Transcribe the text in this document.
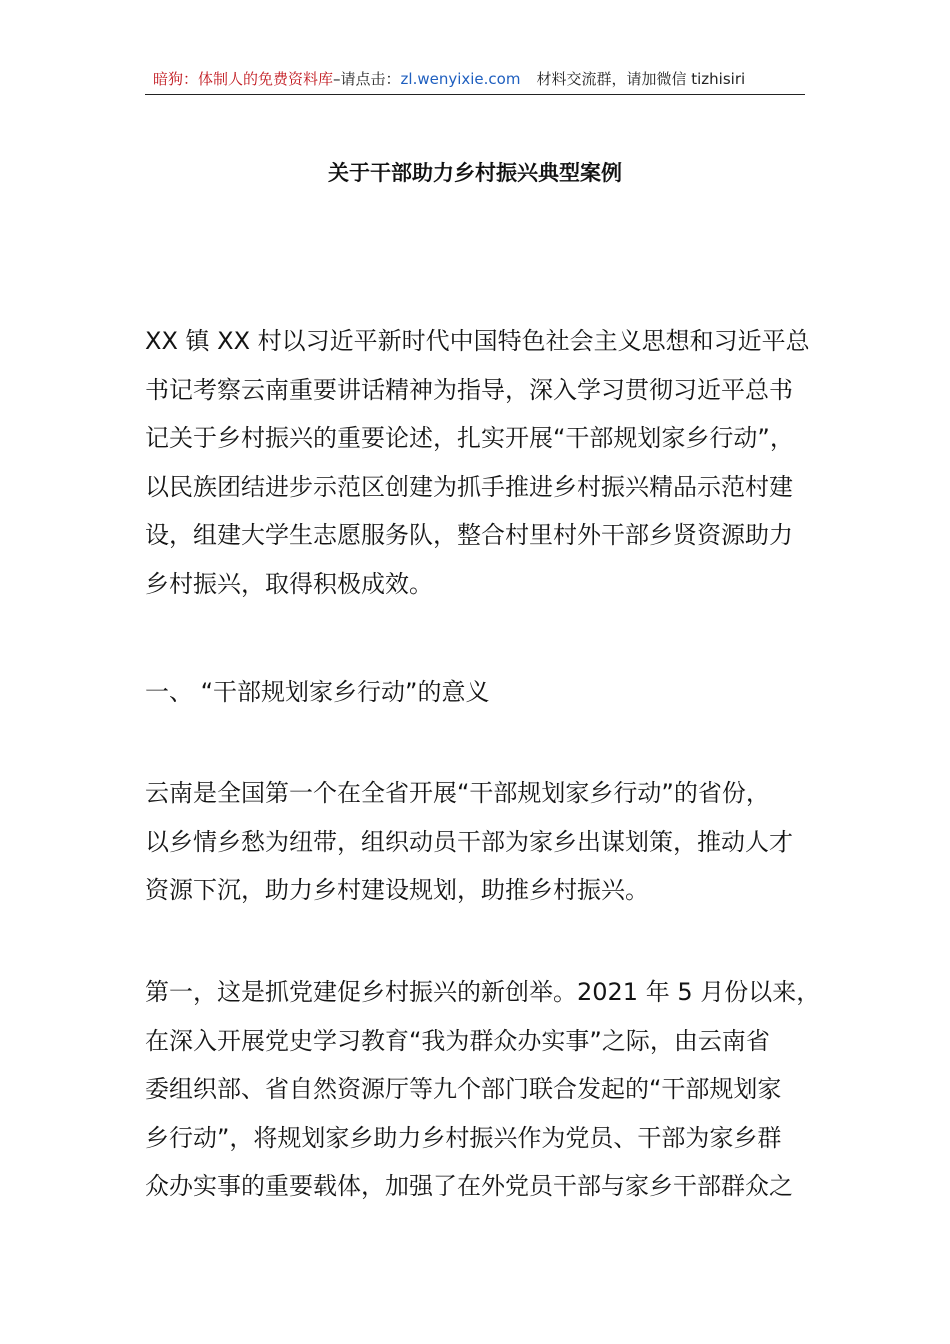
暗狗：体制人的免费资料库–请点击：zl.wenyixie.com 材料交流群，请加微信 tizhisiri
关于干部助力乡村振兴典型案例
XX 镇 XX 村以习近平新时代中国特色社会主义思想和习近平总
书记考察云南重要讲话精神为指导，深入学习贯彻习近平总书
记关于乡村振兴的重要论述，扎实开展“干部规划家乡行动”，
以民族团结进步示范区创建为抓手推进乡村振兴精品示范村建
设，组建大学生志愿服务队，整合村里村外干部乡贤资源助力
乡村振兴，取得积极成效。
一、 “干部规划家乡行动”的意义
云南是全国第一个在全省开展“干部规划家乡行动”的省份，
以乡情乡愁为纽带，组织动员干部为家乡出谋划策，推动人才
资源下沉，助力乡村建设规划，助推乡村振兴。
第一，这是抓党建促乡村振兴的新创举。2021 年 5 月份以来，
在深入开展党史学习教育“我为群众办实事”之际，由云南省
委组织部、省自然资源厅等九个部门联合发起的“干部规划家
乡行动”，将规划家乡助力乡村振兴作为党员、干部为家乡群
众办实事的重要载体，加强了在外党员干部与家乡干部群众之
